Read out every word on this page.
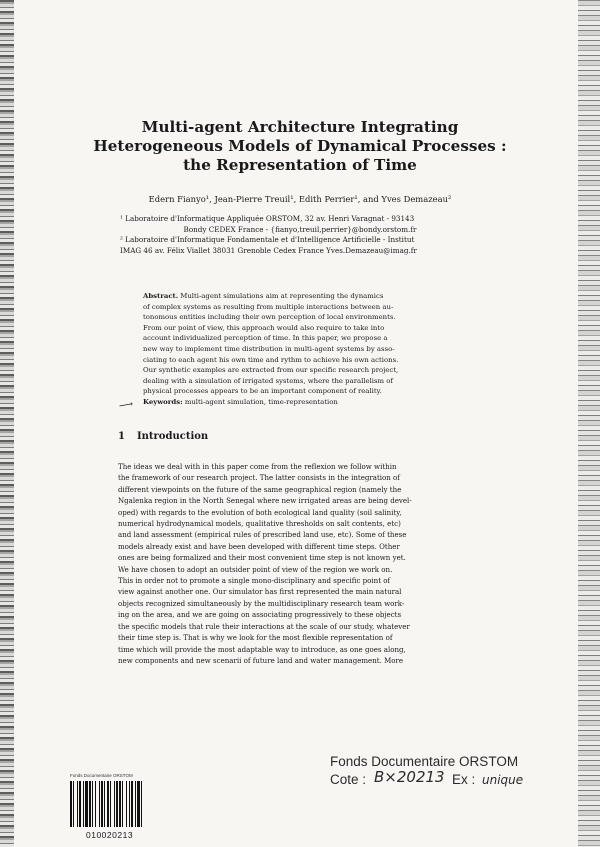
Multi-agent Architecture Integrating
Heterogeneous Models of Dynamical Processes :
the Representation of Time
Edern Fianyo¹, Jean-Pierre Treuil¹, Edith Perrier¹, and Yves Demazeau²
¹ Laboratoire d'Informatique Appliquée ORSTOM, 32 av. Henri Varagnat - 93143
Bondy CEDEX France - {fianyo,treuil,perrier}@bondy.orstom.fr
² Laboratoire d'Informatique Fondamentale et d'Intelligence Artificielle - Institut
IMAG 46 av. Félix Viallet 38031 Grenoble Cedex France Yves.Demazeau@imag.fr
Abstract. Multi-agent simulations aim at representing the dynamics
of complex systems as resulting from multiple interactions between au-
tonomous entities including their own perception of local environments.
From our point of view, this approach would also require to take into
account individualized perception of time. In this paper, we propose a
new way to implement time distribution in multi-agent systems by asso-
ciating to each agent his own time and rythm to achieve his own actions.
Our synthetic examples are extracted from our specific research project,
dealing with a simulation of irrigated systems, where the parallelism of
physical processes appears to be an important component of reality.
Keywords: multi-agent simulation, time-representation
⟶
1 Introduction
The ideas we deal with in this paper come from the reflexion we follow within
the framework of our research project. The latter consists in the integration of
different viewpoints on the future of the same geographical region (namely the
Ngalenka region in the North Senegal where new irrigated areas are being devel-
oped) with regards to the evolution of both ecological land quality (soil salinity,
numerical hydrodynamical models, qualitative thresholds on salt contents, etc)
and land assessment (empirical rules of prescribed land use, etc). Some of these
models already exist and have been developed with different time steps. Other
ones are being formalized and their most convenient time step is not known yet.
We have chosen to adopt an outsider point of view of the region we work on.
This in order not to promote a single mono-disciplinary and specific point of
view against another one. Our simulator has first represented the main natural
objects recognized simultaneously by the multidisciplinary research team work-
ing on the area, and we are going on associating progressively to these objects
the specific models that rule their interactions at the scale of our study, whatever
their time step is. That is why we look for the most flexible representation of
time which will provide the most adaptable way to introduce, as one goes along,
new components and new scenarii of future land and water management. More
Fonds Documentaire ORSTOM
Cote : B×20213 Ex : unique
Fonds Documentaire ORSTOM
010020213
